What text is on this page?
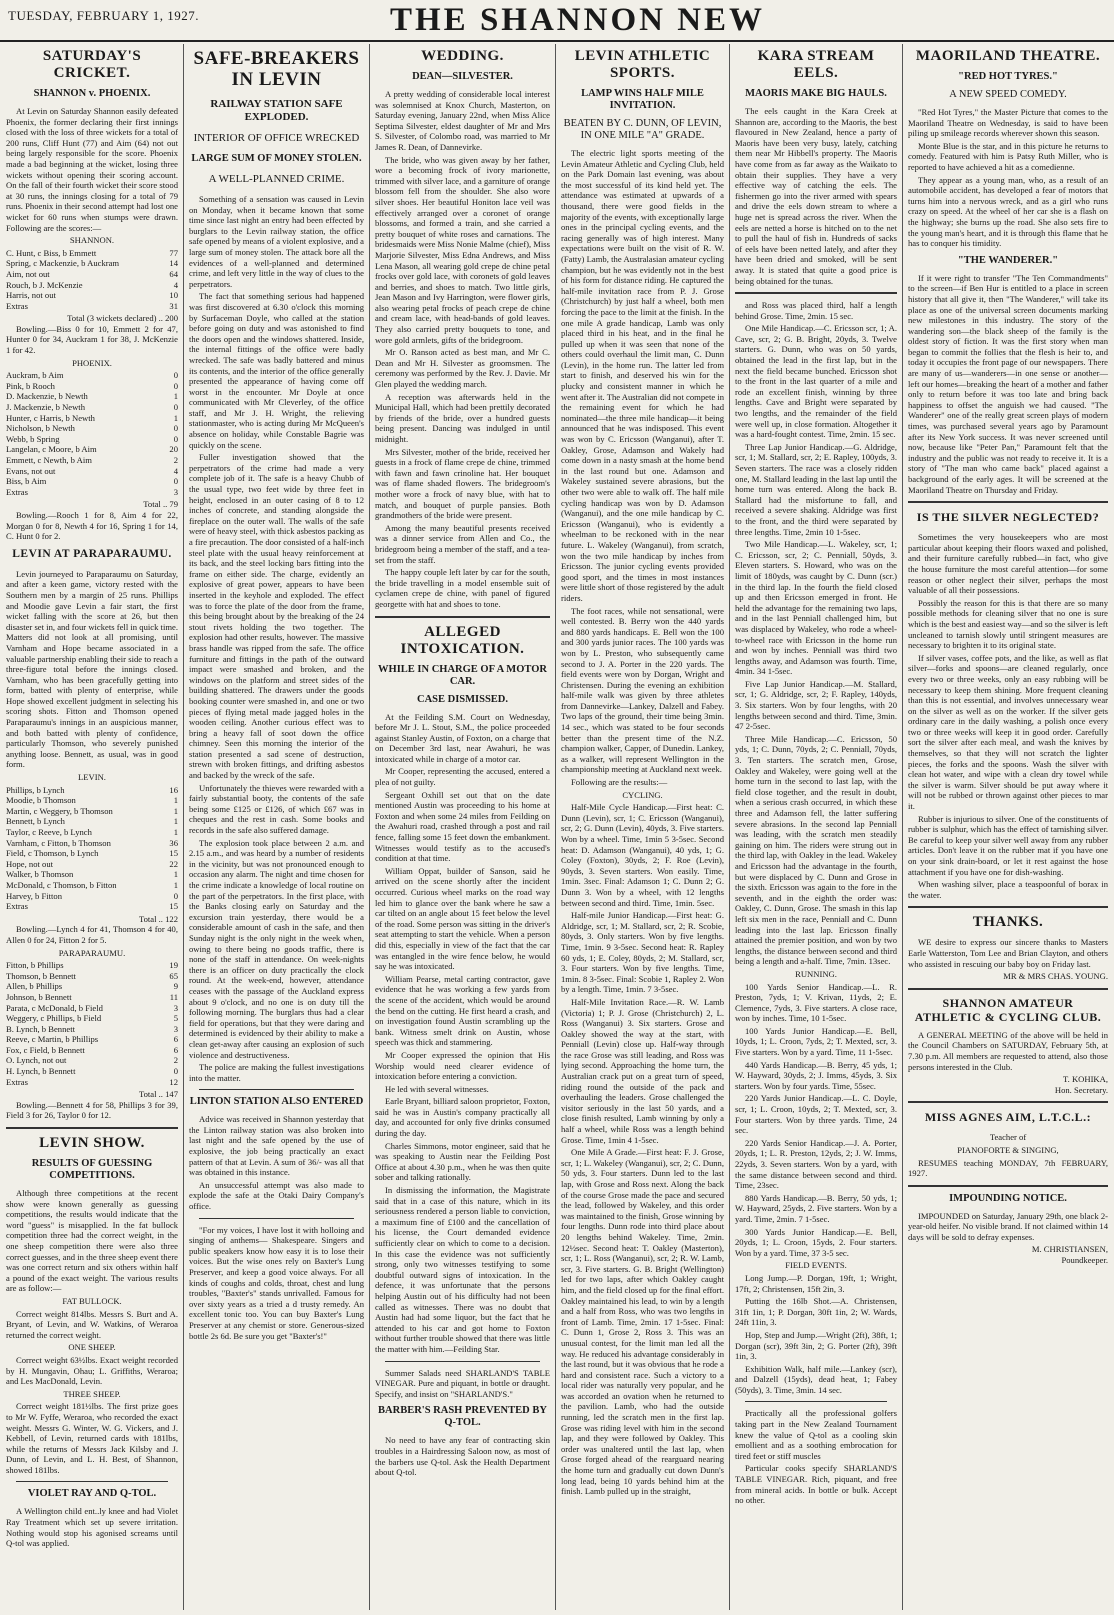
TUESDAY, FEBRUARY 1, 1927.	THE SHANNON NEW
SATURDAY'S CRICKET.
SHANNON v. PHOENIX.
At Levin on Saturday Shannon easily defeated Phoenix, the former declaring their first innings closed with the loss of three wickets for a total of 200 runs, Cliff Hunt (77) and Aim (64) not out being largely responsible for the score. Phoenix made a bad beginning at the wicket, losing three wickets without opening their scoring account. On the fall of their fourth wicket their score stood at 30 runs, the innings closing for a total of 79 runs. Phoenix in their second attempt had lost one wicket for 60 runs when stumps were drawn. Following are the scores:—
SHANNON.
C. Hunt, c Biss, b Emmett	77
Spring, c Mackenzie, b Auckram	14
Aim, not out	64
Rouch, b J. McKenzie	4
Harris, not out	10
Extras	31
Total (3 wickets declared) .. 200
Bowling.—Biss 0 for 10, Emmett 2 for 47, Hunter 0 for 34, Auckram 1 for 38, J. McKenzie 1 for 42.
PHOENIX.
Auckram, b Aim	0
Pink, b Rooch	0
D. Mackenzie, b Newth	1
J. Mackenzie, b Newth	0
Hunter, c Harris, b Newth	1
Nicholson, b Newth	0
Webb, b Spring	0
Langelan, c Moore, b Aim	20
Emmett, c Newth, b Aim	2
Evans, not out	4
Biss, b Aim	0
Extras	3
Total .. 79
Bowling.—Rooch 1 for 8, Aim 4 for 22, Morgan 0 for 8, Newth 4 for 16, Spring 1 for 14, C. Hunt 0 for 2.
LEVIN AT PARAPARAUMU.
Levin journeyed to Paraparaumu on Saturday, and after a keen game, victory rested with the Southern men by a margin of 25 runs. Phillips and Moodie gave Levin a fair start, the first wicket falling with the score at 26, but then disaster set in, and four wickets fell in quick time. Matters did not look at all promising, until Varnham and Hope became associated in a valuable partnership enabling their side to reach a three-figure total before the innings closed. Varnham, who has been gracefully getting into form, batted with plenty of enterprise, while Hope showed excellent judgment in selecting his scoring shots. Fitton and Thomson opened Paraparaumu's innings in an auspicious manner, and both batted with plenty of confidence, particularly Thomson, who severely punished anything loose. Bennett, as usual, was in good form.
LEVIN.
Phillips, b Lynch	16
Moodie, b Thomson	1
Martin, c Weggery, b Thomson	1
Bennett, b Lynch	1
Taylor, c Reeve, b Lynch	1
Varnham, c Fitton, b Thomson	36
Field, c Thomson, b Lynch	15
Hope, not out	22
Walker, b Thomson	1
McDonald, c Thomson, b Fitton	1
Harvey, b Fitton	0
Extras	15
Total .. 122
Bowling.—Lynch 4 for 41, Thomson 4 for 40, Allen 0 for 24, Fitton 2 for 5.
PARAPARAUMU.
Fitton, b Phillips	19
Thomson, b Bennett	65
Allen, b Phillips	9
Johnson, b Bennett	11
Parata, c McDonald, b Field	3
Weggery, c Phillips, b Field	5
B. Lynch, b Bennett	3
Reeve, c Martin, b Phillips	6
Fox, c Field, b Bennett	6
O. Lynch, not out	2
H. Lynch, b Bennett	0
Extras	12
Total .. 147
Bowling.—Bennett 4 for 58, Phillips 3 for 39, Field 3 for 26, Taylor 0 for 12.
LEVIN SHOW.
RESULTS OF GUESSING COMPETITIONS.
Although three competitions at the recent show were known generally as guessing competitions, the results would indicate that the word "guess" is misapplied. In the fat bullock competition three had the correct weight, in the one sheep competition there were also three correct guesses, and in the three sheep event there was one correct return and six others within half a pound of the exact weight. The various results are as follow:—
FAT BULLOCK.
Correct weight 814lbs. Messrs S. Burt and A. Bryant, of Levin, and W. Watkins, of Weraroa returned the correct weight.
ONE SHEEP.
Correct weight 63½lbs. Exact weight recorded by H. Mungavin, Ohau; L. Griffiths, Weraroa; and Les MacDonald, Levin.
THREE SHEEP.
Correct weight 181½lbs. The first prize goes to Mr W. Fyffe, Weraroa, who recorded the exact weight. Messrs G. Winter, W. G. Vickers, and J. Kebbell, of Levin, returned cards with 181lbs, while the returns of Messrs Jack Kilsby and J. Dunn, of Levin, and L. H. Best, of Shannon, showed 181lbs.
VIOLET RAY AND Q-TOL.
A Wellington child ent..ly knee and had Violet Ray Treatment which set up severe irritation. Nothing would stop his agonised screams until Q-tol was applied.
SAFE-BREAKERS IN LEVIN
RAILWAY STATION SAFE EXPLODED.
INTERIOR OF OFFICE WRECKED
LARGE SUM OF MONEY STOLEN.
A WELL-PLANNED CRIME.
Something of a sensation was caused in Levin on Monday, when it became known that some time since last night an entry had been effected by burglars to the Levin railway station, the office safe opened by means of a violent explosive, and a large sum of money stolen. The attack bore all the evidences of a well-planned and determined crime, and left very little in the way of clues to the perpetrators.
The fact that something serious had happened was first discovered at 6.30 o'clock this morning by Surfaceman Doyle, who called at the station before going on duty and was astonished to find the doors open and the windows shattered. Inside, the internal fittings of the office were badly wrecked. The safe was badly battered and minus its contents, and the interior of the office generally presented the appearance of having come off worst in the encounter. Mr Doyle at once communicated with Mr Cleverley, of the office staff, and Mr J. H. Wright, the relieving stationmaster, who is acting during Mr McQueen's absence on holiday, while Constable Bagrie was quickly on the scene.
Fuller investigation showed that the perpetrators of the crime had made a very complete job of it. The safe is a heavy Chubb of the usual type, two feet wide by three feet in height, enclosed in an outer casing of 8 to 12 inches of concrete, and standing alongside the fireplace on the outer wall. The walls of the safe were of heavy steel, with thick asbestos packing as a fire precaution. The door consisted of a half-inch steel plate with the usual heavy reinforcement at its back, and the steel locking bars fitting into the frame on either side. The charge, evidently an explosive of great power, appears to have been inserted in the keyhole and exploded. The effect was to force the plate of the door from the frame, this being brought about by the breaking of the 24 stout rivets holding the two together. The explosion had other results, however. The massive brass handle was ripped from the safe. The office furniture and fittings in the path of the outward impact were smashed and broken, and the windows on the platform and street sides of the building shattered. The drawers under the goods booking counter were smashed in, and one or two pieces of flying metal made jagged holes in the wooden ceiling. Another curious effect was to bring a heavy fall of soot down the office chimney. Seen this morning the interior of the station presented a sad scene of destruction, strewn with broken fittings, and drifting asbestos and backed by the wreck of the safe.
Unfortunately the thieves were rewarded with a fairly substantial booty, the contents of the safe being some £125 or £126, of which £67 was in cheques and the rest in cash. Some books and records in the safe also suffered damage.
The explosion took place between 2 a.m. and 2.15 a.m., and was heard by a number of residents in the vicinity, but was not pronounced enough to occasion any alarm. The night and time chosen for the crime indicate a knowledge of local routine on the part of the perpetrators. In the first place, with the Banks closing early on Saturday and the excursion train yesterday, there would be a considerable amount of cash in the safe, and then Sunday night is the only night in the week when, owing to there being no goods traffic, there is none of the staff in attendance. On week-nights there is an officer on duty practically the clock round. At the week-end, however, attendance ceases with the passage of the Auckland express about 9 o'clock, and no one is on duty till the following morning. The burglars thus had a clear field for operations, but that they were daring and determined is evidenced by their ability to make a clean get-away after causing an explosion of such violence and destructiveness.
The police are making the fullest investigations into the matter.
LINTON STATION ALSO ENTERED
Advice was received in Shannon yesterday that the Linton railway station was also broken into last night and the safe opened by the use of explosive, the job being practically an exact pattern of that at Levin. A sum of 36/- was all that was obtained in this instance.
An unsuccessful attempt was also made to explode the safe at the Otaki Dairy Company's office.
"For my voices, I have lost it with holloing and singing of anthems— Shakespeare. Singers and public speakers know how easy it is to lose their voices. But the wise ones rely on Baxter's Lung Preserver, and keep a good voice always. For all kinds of coughs and colds, throat, chest and lung troubles, "Baxter's" stands unrivalled. Famous for over sixty years as a tried a d trusty remedy. An excellent tonic too. You can buy Baxter's Lung Preserver at any chemist or store. Generous-sized bottle 2s 6d. Be sure you get "Baxter's!"
WEDDING.
DEAN—SILVESTER.
A pretty wedding of considerable local interest was solemnised at Knox Church, Masterton, on Saturday evening, January 22nd, when Miss Alice Septima Silvester, eldest daughter of Mr and Mrs S. Silvester, of Colombo road, was married to Mr James R. Dean, of Dannevirke.
The bride, who was given away by her father, wore a becoming frock of ivory marionette, trimmed with silver lace, and a garniture of orange blossom fell from the shoulder. She also wore silver shoes. Her beautiful Honiton lace veil was effectively arranged over a coronet of orange blossoms, and formed a train, and she carried a pretty bouquet of white roses and carnations. The bridesmaids were Miss Nonie Malme (chief), Miss Marjorie Silvester, Miss Edna Andrews, and Miss Lena Mason, all wearing gold crepe de chine petal frocks over gold lace, with coronets of gold leaves and berries, and shoes to match. Two little girls, Jean Mason and Ivy Harrington, were flower girls, also wearing petal frocks of peach crepe de chine and cream lace, with head-bands of gold leaves. They also carried pretty bouquets to tone, and wore gold armlets, gifts of the bridegroom.
Mr O. Ranson acted as best man, and Mr C. Dean and Mr H. Silvester as groomsmen. The ceremony was performed by the Rev. J. Davie. Mr Glen played the wedding march.
A reception was afterwards held in the Municipal Hall, which had been prettily decorated by friends of the bride, over a hundred guests being present. Dancing was indulged in until midnight.
Mrs Silvester, mother of the bride, received her guests in a frock of flame crepe de chine, trimmed with fawn and fawn crinoline hat. Her bouquet was of flame shaded flowers. The bridegroom's mother wore a frock of navy blue, with hat to match, and bouquet of purple pansies. Both grandmothers of the bride were present.
Among the many beautiful presents received was a dinner service from Allen and Co., the bridegroom being a member of the staff, and a tea-set from the staff.
The happy couple left later by car for the south, the bride travelling in a model ensemble suit of cyclamen crepe de chine, with panel of figured georgette with hat and shoes to tone.
ALLEGED INTOXICATION.
WHILE IN CHARGE OF A MOTOR CAR.
CASE DISMISSED.
At the Feilding S.M. Court on Wednesday, before Mr J. L. Stout, S.M., the police proceeded against Stanley Austin, of Foxton, on a charge that on December 3rd last, near Awahuri, he was intoxicated while in charge of a motor car.
Mr Cooper, representing the accused, entered a plea of not guilty.
Sergeant Oxhill set out that on the date mentioned Austin was proceeding to his home at Foxton and when some 24 miles from Feilding on the Awahuri road, crashed through a post and rail fence, falling some 15 feet down the embankment. Witnesses would testify as to the accused's condition at that time.
William Oppat, builder of Sanson, said he arrived on the scene shortly after the incident occurred. Curious wheel marks on the road way led him to glance over the bank where he saw a car tilted on an angle about 15 feet below the level of the road. Some person was sitting in the driver's seat attempting to start the vehicle. When a person did this, especially in view of the fact that the car was entangled in the wire fence below, he would say he was intoxicated.
William Pearse, metal carting contractor, gave evidence that he was working a few yards from the scene of the accident, which would be around the bend on the cutting. He first heard a crash, and on investigation found Austin scrambling up the bank. Witness smelt drink on Austin, whose speech was thick and stammering.
Mr Cooper expressed the opinion that His Worship would need clearer evidence of intoxication before entering a conviction.
He led with several witnesses.
Earle Bryant, billiard saloon proprietor, Foxton, said he was in Austin's company practically all day, and accounted for only five drinks consumed during the day.
Charles Simmons, motor engineer, said that he was speaking to Austin near the Feilding Post Office at about 4.30 p.m., when he was then quite sober and talking rationally.
In dismissing the information, the Magistrate said that in a case of this nature, which in its seriousness rendered a person liable to conviction, a maximum fine of £100 and the cancellation of his license, the Court demanded evidence sufficiently clear on which to come to a decision. In this case the evidence was not sufficiently strong, only two witnesses testifying to some doubtful outward signs of intoxication. In the defence, it was unfortunate that the persons helping Austin out of his difficulty had not been called as witnesses. There was no doubt that Austin had had some liquor, but the fact that he attended to his car and got home to Foxton without further trouble showed that there was little the matter with him.—Feilding Star.
Summer Salads need SHARLAND'S TABLE VINEGAR. Pure and piquant, in bottle or draught. Specify, and insist on "SHARLAND'S."
BARBER'S RASH PREVENTED BY Q-TOL.
No need to have any fear of contracting skin troubles in a Hairdressing Saloon now, as most of the barbers use Q-tol. Ask the Health Department about Q-tol.
LEVIN ATHLETIC SPORTS.
LAMP WINS HALF MILE INVITATION.
BEATEN BY C. DUNN, OF LEVIN, IN ONE MILE "A" GRADE.
The electric light sports meeting of the Levin Amateur Athletic and Cycling Club, held on the Park Domain last evening, was about the most successful of its kind held yet. The attendance was estimated at upwards of a thousand, there were good fields in the majority of the events, with exceptionally large ones in the principal cycling events, and the racing generally was of high interest. Many expectations were built on the visit of R. W. (Fatty) Lamb, the Australasian amateur cycling champion, but he was evidently not in the best of his form for distance riding. He captured the half-mile invitation race from P. J. Grose (Christchurch) by just half a wheel, both men forcing the pace to the limit at the finish. In the one mile A grade handicap, Lamb was only placed third in his heat, and in the final he pulled up when it was seen that none of the others could overhaul the limit man, C. Dunn (Levin), in the home run. The latter led from start to finish, and deserved his win for the plucky and consistent manner in which he went after it. The Australian did not compete in the remaining event for which he had nominated—the three mile handicap—it being announced that he was indisposed. This event was won by C. Ericsson (Wanganui), after T. Oakley, Grose, Adamson and Wakely had come down in a nasty smash at the home bend in the last round but one. Adamson and Wakeley sustained severe abrasions, but the other two were able to walk off. The half mile cycling handicap was won by D. Adamson (Wanganui), and the one mile handicap by C. Ericsson (Wanganui), who is evidently a wheelman to be reckoned with in the near future. L. Wakeley (Wanganui), from scratch, won the two mile handicap by inches from Ericsson. The junior cycling events provided good sport, and the times in most instances were little short of those registered by the adult riders.
The foot races, while not sensational, were well contested. B. Berry won the 440 yards and 880 yards handicaps. E. Bell won the 100 and 300 yards junior races. The 100 yards was won by L. Preston, who subsequently came second to J. A. Porter in the 220 yards. The field events were won by Dorgan, Wright and Christensen. During the evening an exhibition half-mile walk was given by three athletes from Dannevirke—Lankey, Dalzell and Fabey. Two laps of the ground, their time being 3min. 14 sec., which was stated to be four seconds better than the present time of the N.Z. champion walker, Capper, of Dunedin. Lankey, as a walker, will represent Wellington in the championship meeting at Auckland next week.
Following are the results:—
CYCLING.
Half-Mile Cycle Handicap.—First heat: C. Dunn (Levin), scr, 1; C. Ericsson (Wanganui), scr, 2; G. Dunn (Levin), 40yds, 3. Five starters. Won by a wheel. Time, 1min 5 3-5sec. Second heat: D. Adamson (Wanganui), 40 yds, 1; G. Coley (Foxton), 30yds, 2; F. Roe (Levin), 90yds, 3. Seven starters. Won easily. Time, 1min. 3sec. Final: Adamson 1; C. Dunn 2; G. Dunn 3. Won by a wheel, with 12 lengths between second and third. Time, 1min. 5sec.
Half-mile Junior Handicap.—First heat: G. Aldridge, scr, 1; M. Stallard, scr, 2; R. Scobie, 80yds, 3. Only starters. Won by five lengths. Time, 1min. 9 3-5sec. Second heat: R. Rapley 60 yds, 1; E. Coley, 80yds, 2; M. Stallard, scr, 3. Four starters. Won by five lengths. Time, 1min. 8 3-5sec. Final: Scobie 1, Rapley 2. Won by a length. Time, 1min. 7 3-5sec.
Half-Mile Invitation Race.—R. W. Lamb (Victoria) 1; P. J. Grose (Christchurch) 2, L. Ross (Wanganui) 3. Six starters. Grose and Oakley showed the way at the start, with Penniall (Levin) close up. Half-way through the race Grose was still leading, and Ross was lying second. Approaching the home turn, the Australian crack put on a great turn of speed, riding round the outside of the pack and overhauling the leaders. Grose challenged the visitor seriously in the last 50 yards, and a close finish resulted, Lamb winning by only a half a wheel, while Ross was a length behind Grose. Time, 1min 4 1-5sec.
One Mile A Grade.—First heat: F. J. Grose, scr, 1; L. Wakeley (Wanganui), scr, 2; C. Dunn, 50 yds, 3. Four starters. Dunn led to the last lap, with Grose and Ross next. Along the back of the course Grose made the pace and secured the lead, followed by Wakeley, and this order was maintained to the finish, Grose winning by four lengths. Dunn rode into third place about 20 lengths behind Wakeley. Time, 2min. 12½sec. Second heat: T. Oakley (Masterton), scr, 1; L. Ross (Wanganui), scr, 2; R. W. Lamb, scr, 3. Five starters. G. B. Bright (Wellington) led for two laps, after which Oakley caught him, and the field closed up for the final effort. Oakley maintained his lead, to win by a length and a half from Ross, who was two lengths in front of Lamb. Time, 2min. 17 1-5sec. Final: C. Dunn 1, Grose 2, Ross 3. This was an unusual contest, for the limit man led all the way. He reduced his advantage considerably in the last round, but it was obvious that he rode a hard and consistent race. Such a victory to a local rider was naturally very popular, and he was accorded an ovation when he returned to the pavilion. Lamb, who had the outside running, led the scratch men in the first lap. Grose was riding level with him in the second lap, and they were followed by Oakley. This order was unaltered until the last lap, when Grose forged ahead of the rearguard nearing the home turn and gradually cut down Dunn's long lead, being 10 yards behind him at the finish. Lamb pulled up in the straight,
KARA STREAM EELS.
MAORIS MAKE BIG HAULS.
The eels caught in the Kara Creek at Shannon are, according to the Maoris, the best flavoured in New Zealand, hence a party of Maoris have been very busy, lately, catching them near Mr Hibbell's property. The Maoris have come from as far away as the Waikato to obtain their supplies. They have a very effective way of catching the eels. The fishermen go into the river armed with spears and drive the eels down stream to where a huge net is spread across the river. When the eels are netted a horse is hitched on to the net to pull the haul of fish in. Hundreds of sacks of eels have been netted lately, and after they have been dried and smoked, will be sent away. It is stated that quite a good price is being obtained for the tunas.
and Ross was placed third, half a length behind Grose. Time, 2min. 15 sec.
One Mile Handicap.—C. Ericsson scr, 1; A. Cave, scr, 2; G. B. Bright, 20yds, 3. Twelve starters. G. Dunn, who was on 50 yards, obtained the lead in the first lap, but in the next the field became bunched. Ericsson shot to the front in the last quarter of a mile and rode an excellent finish, winning by three lengths. Cave and Bright were separated by two lengths, and the remainder of the field were well up, in close formation. Altogether it was a hard-fought contest. Time, 2min. 15 sec.
Three Lap Junior Handicap.—G. Aldridge, scr, 1; M. Stallard, scr, 2; E. Rapley, 100yds, 3. Seven starters. The race was a closely ridden one, M. Stallard leading in the last lap until the home turn was entered. Along the back B. Stallard had the misfortune to fall, and received a severe shaking. Aldridge was first to the front, and the third were separated by three lengths. Time, 2min 10 1-5sec.
Two Mile Handicap.—L. Wakeley, scr, 1; C. Ericsson, scr, 2; C. Penniall, 50yds, 3. Eleven starters. S. Howard, who was on the limit of 180yds, was caught by C. Dunn (scr.) in the third lap. In the fourth the field closed up and then Ericsson emerged in front. He held the advantage for the remaining two laps, and in the last Penniall challenged him, but was displaced by Wakeley, who rode a wheel-to-wheel race with Ericsson in the home run and won by inches. Penniall was third two lengths away, and Adamson was fourth. Time, 4min. 34 1-5sec.
Five Lap Junior Handicap.—M. Stallard, scr, 1; G. Aldridge, scr, 2; F. Rapley, 140yds, 3. Six starters. Won by four lengths, with 20 lengths between second and third. Time, 3min. 47 2-5sec.
Three Mile Handicap.—C. Ericsson, 50 yds, 1; C. Dunn, 70yds, 2; C. Penniall, 70yds, 3. Ten starters. The scratch men, Grose, Oakley and Wakeley, were going well at the home turn in the second to last lap, with the field close together, and the result in doubt, when a serious crash occurred, in which these three and Adamson fell, the latter suffering severe abrasions. In the second lap Penniall was leading, with the scratch men steadily gaining on him. The riders were strung out in the third lap, with Oakley in the lead. Wakeley and Ericsson had the advantage in the fourth, but were displaced by C. Dunn and Grose in the sixth. Ericsson was again to the fore in the seventh, and in the eighth the order was: Oakley, C. Dunn, Grose. The smash in this lap left six men in the race, Penniall and C. Dunn leading into the last lap. Ericsson finally attained the premier position, and won by two lengths, the distance between second and third being a length and a-half. Time, 7min. 13sec.
RUNNING.
100 Yards Senior Handicap.—L. R. Preston, 7yds, 1; V. Krivan, 11yds, 2; E. Clemence, 7yds, 3. Five starters. A close race, won by inches. Time, 10 1-5sec.
100 Yards Junior Handicap.—E. Bell, 10yds, 1; L. Croon, 7yds, 2; T. Mexted, scr, 3. Five starters. Won by a yard. Time, 11 1-5sec.
440 Yards Handicap.—B. Berry, 45 yds, 1; W. Hayward, 30yds, 2; J. Imms, 45yds, 3. Six starters. Won by four yards. Time, 55sec.
220 Yards Junior Handicap.—L. C. Doyle, scr, 1; L. Croon, 10yds, 2; T. Mexted, scr, 3. Four starters. Won by three yards. Time, 24 sec.
220 Yards Senior Handicap.—J. A. Porter, 20yds, 1; L. R. Preston, 12yds, 2; J. W. Imms, 22yds, 3. Seven starters. Won by a yard, with the same distance between second and third. Time, 23sec.
880 Yards Handicap.—B. Berry, 50 yds, 1; W. Hayward, 25yds, 2. Five starters. Won by a yard. Time, 2min. 7 1-5sec.
300 Yards Junior Handicap.—E. Bell, 20yds, 1; L. Croon, 15yds, 2. Four starters. Won by a yard. Time, 37 3-5 sec.
FIELD EVENTS.
Long Jump.—P. Dorgan, 19ft, 1; Wright, 17ft, 2; Christensen, 15ft 2in, 3.
Putting the 16lb Shot.—A. Christensen, 31ft 1in, 1; P. Dorgan, 30ft 1in, 2; W. Wards, 24ft 11in, 3.
Hop, Step and Jump.—Wright (2ft), 38ft, 1; Dorgan (scr), 39ft 3in, 2; G. Porter (2ft), 39ft 1in, 3.
Exhibition Walk, half mile.—Lankey (scr), and Dalzell (15yds), dead heat, 1; Fabey (50yds), 3. Time, 3min. 14 sec.
Practically all the professional golfers taking part in the New Zealand Tournament knew the value of Q-tol as a cooling skin emollient and as a soothing embrocation for tired feet or stiff muscles
Particular cooks specify SHARLAND'S TABLE VINEGAR. Rich, piquant, and free from mineral acids. In bottle or bulk. Accept no other.
MAORILAND THEATRE.
"RED HOT TYRES."
A NEW SPEED COMEDY.
"Red Hot Tyres," the Master Picture that comes to the Maoriland Theatre on Wednesday, is said to have been piling up smileage records wherever shown this season.
Monte Blue is the star, and in this picture he returns to comedy. Featured with him is Patsy Ruth Miller, who is reported to have achieved a hit as a comedienne.
They appear as a young man, who, as a result of an automobile accident, has developed a fear of motors that turns him into a nervous wreck, and as a girl who runs crazy on speed. At the wheel of her car she is a flash on the highway; she burns up the road. She also sets fire to the young man's heart, and it is through this flame that he has to conquer his timidity.
"THE WANDERER."
If it were right to transfer "The Ten Commandments" to the screen—if Ben Hur is entitled to a place in screen history that all give it, then "The Wanderer," will take its place as one of the universal screen documents marking new milestones in this industry. The story of the wandering son—the black sheep of the family is the oldest story of fiction. It was the first story when man began to commit the follies that the flesh is heir to, and today it occupies the front page of our newspapers. There are many of us—wanderers—in one sense or another—left our homes—breaking the heart of a mother and father only to return before it was too late and bring back happiness to offset the anguish we had caused. "The Wanderer" one of the really great screen plays of modern times, was purchased several years ago by Paramount after its New York success. It was never screened until now, because like "Peter Pan," Paramount felt that the industry and the public was not ready to receive it. It is a story of "The man who came back" placed against a background of the early ages. It will be screened at the Maoriland Theatre on Thursday and Friday.
IS THE SILVER NEGLECTED?
Sometimes the very housekeepers who are most particular about keeping their floors waxed and polished, and their furniture carefully rubbed—in fact, who give the house furniture the most careful attention—for some reason or other neglect their silver, perhaps the most valuable of all their possessions.
Possibly the reason for this is that there are so many possible methods for cleaning silver that no one is sure which is the best and easiest way—and so the silver is left uncleaned to tarnish slowly until stringent measures are necessary to brighten it to its original state.
If silver vases, coffee pots, and the like, as well as flat silver—forks and spoons—are cleaned regularly, once every two or three weeks, only an easy rubbing will be necessary to keep them shining. More frequent cleaning than this is not essential, and involves unnecessary wear on the silver as well as on the worker. If the silver gets ordinary care in the daily washing, a polish once every two or three weeks will keep it in good order. Carefully sort the silver after each meal, and wash the knives by themselves, so that they will not scratch the lighter pieces, the forks and the spoons. Wash the silver with clean hot water, and wipe with a clean dry towel while the silver is warm. Silver should be put away where it will not be rubbed or thrown against other pieces to mar it.
Rubber is injurious to silver. One of the constituents of rubber is sulphur, which has the effect of tarnishing silver. Be careful to keep your silver well away from any rubber articles. Don't leave it on the rubber mat if you have one on your sink drain-board, or let it rest against the hose attachment if you have one for dish-washing.
When washing silver, place a teaspoonful of borax in the water.
THANKS.
WE desire to express our sincere thanks to Masters Earle Watterston, Tom Lee and Brian Clayton, and others who assisted in rescuing our baby boy on Friday last.
MR & MRS CHAS. YOUNG.
SHANNON AMATEUR ATHLETIC & CYCLING CLUB.
A GENERAL MEETING of the above will be held in the Council Chambers on SATURDAY, February 5th, at 7.30 p.m. All members are requested to attend, also those persons interested in the Club.
T. KOHIKA,
Hon. Secretary.
MISS AGNES AIM, L.T.C.L.:
Teacher of
PIANOFORTE & SINGING,
RESUMES teaching MONDAY, 7th FEBRUARY, 1927.
IMPOUNDING NOTICE.
IMPOUNDED on Saturday, January 29th, one black 2-year-old heifer. No visible brand. If not claimed within 14 days will be sold to defray expenses.
M. CHRISTIANSEN,
Poundkeeper.
